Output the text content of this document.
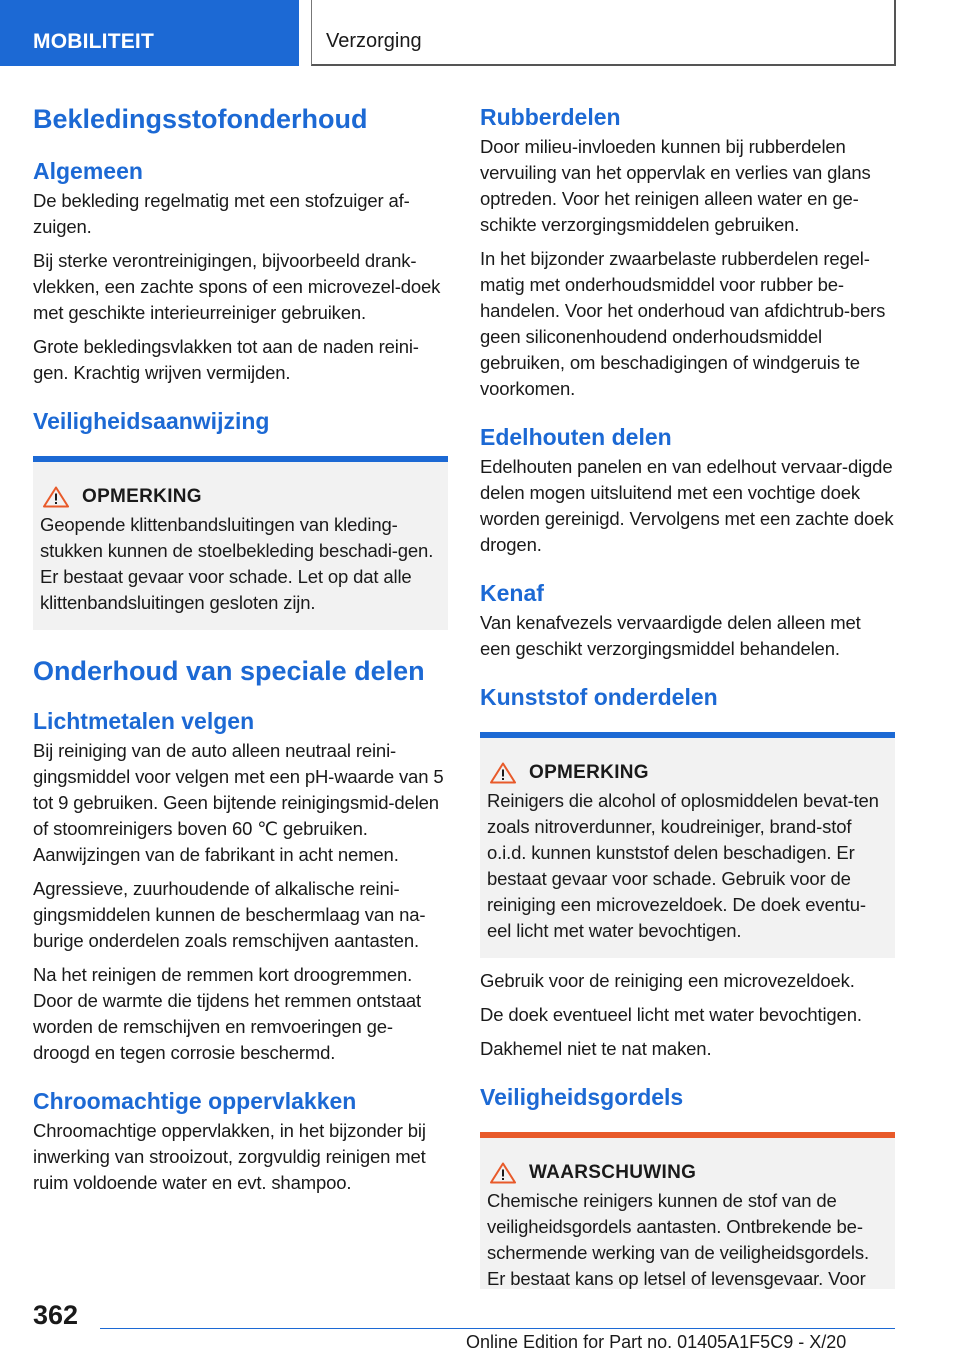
MOBILITEIT	Verzorging
Bekledingsstofonderhoud
Algemeen
De bekleding regelmatig met een stofzuiger af-zuigen.
Bij sterke verontreinigingen, bijvoorbeeld drank-vlekken, een zachte spons of een microvezel-doek met geschikte interieurreiniger gebruiken.
Grote bekledingsvlakken tot aan de naden reini-gen. Krachtig wrijven vermijden.
Veiligheidsaanwijzing
OPMERKING
Geopende klittenbandsluitingen van kleding-stukken kunnen de stoelbekleding beschadi-gen. Er bestaat gevaar voor schade. Let op dat alle klittenbandsluitingen gesloten zijn.
Onderhoud van speciale delen
Lichtmetalen velgen
Bij reiniging van de auto alleen neutraal reini-gingsmiddel voor velgen met een pH-waarde van 5 tot 9 gebruiken. Geen bijtende reinigingsmid-delen of stoomreinigers boven 60 ℃ gebruiken. Aanwijzingen van de fabrikant in acht nemen.
Agressieve, zuurhoudende of alkalische reini-gingsmiddelen kunnen de beschermlaag van na-burige onderdelen zoals remschijven aantasten.
Na het reinigen de remmen kort droogremmen. Door de warmte die tijdens het remmen ontstaat worden de remschijven en remvoeringen ge-droogd en tegen corrosie beschermd.
Chroomachtige oppervlakken
Chroomachtige oppervlakken, in het bijzonder bij inwerking van strooizout, zorgvuldig reinigen met ruim voldoende water en evt. shampoo.
Rubberdelen
Door milieu-invloeden kunnen bij rubberdelen vervuiling van het oppervlak en verlies van glans optreden. Voor het reinigen alleen water en ge-schikte verzorgingsmiddelen gebruiken.
In het bijzonder zwaarbelaste rubberdelen regel-matig met onderhoudsmiddel voor rubber be-handelen. Voor het onderhoud van afdichtrub-bers geen siliconenhoudend onderhoudsmiddel gebruiken, om beschadigingen of windgeruis te voorkomen.
Edelhouten delen
Edelhouten panelen en van edelhout vervaar-digde delen mogen uitsluitend met een vochtige doek worden gereinigd. Vervolgens met een zachte doek drogen.
Kenaf
Van kenafvezels vervaardigde delen alleen met een geschikt verzorgingsmiddel behandelen.
Kunststof onderdelen
OPMERKING
Reinigers die alcohol of oplosmiddelen bevat-ten zoals nitroverdunner, koudreiniger, brand-stof o.i.d. kunnen kunststof delen beschadigen. Er bestaat gevaar voor schade. Gebruik voor de reiniging een microvezeldoek. De doek eventu-eel licht met water bevochtigen.
Gebruik voor de reiniging een microvezeldoek.
De doek eventueel licht met water bevochtigen.
Dakhemel niet te nat maken.
Veiligheidsgordels
WAARSCHUWING
Chemische reinigers kunnen de stof van de veiligheidsgordels aantasten. Ontbrekende be-schermende werking van de veiligheidsgordels. Er bestaat kans op letsel of levensgevaar. Voor
362
Online Edition for Part no. 01405A1F5C9 - X/20
